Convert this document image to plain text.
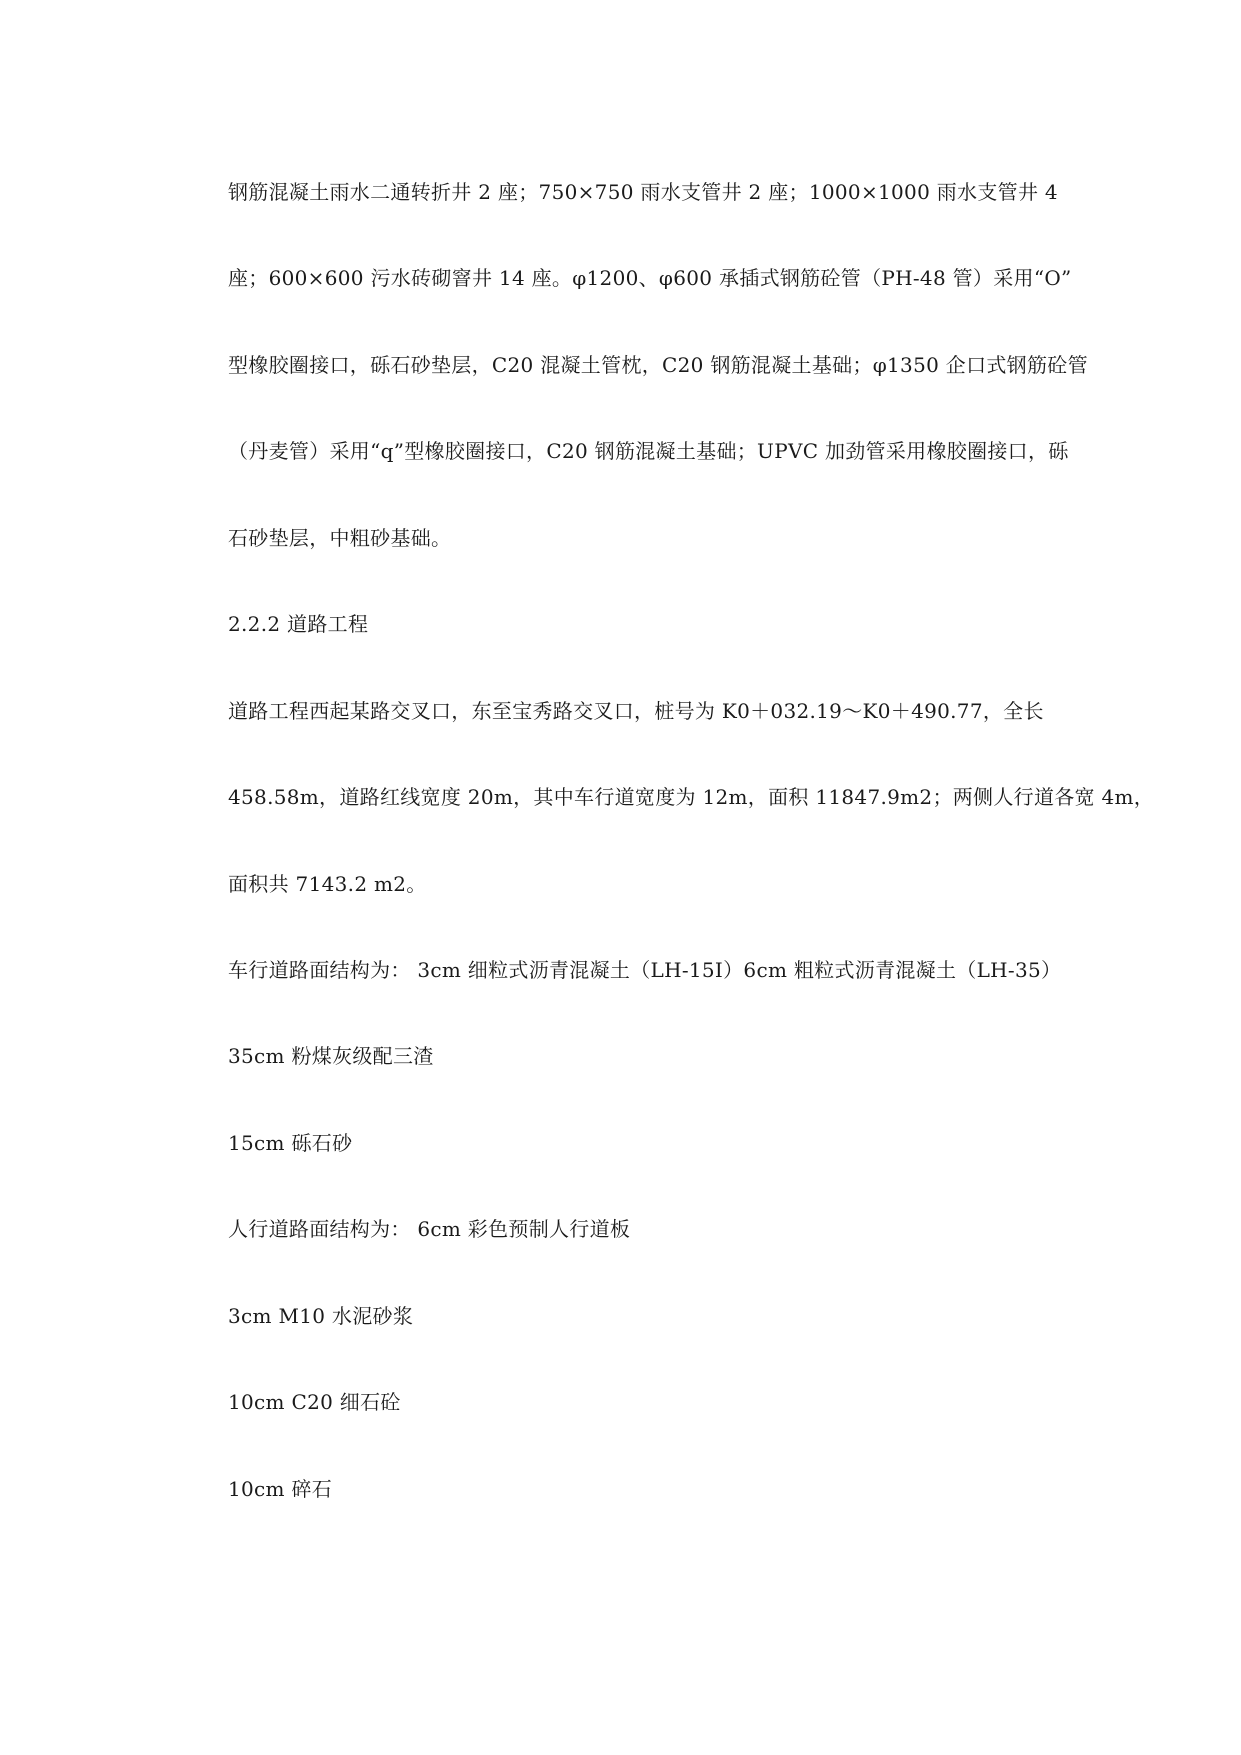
钢筋混凝土雨水二通转折井 2 座；750×750 雨水支管井 2 座；1000×1000 雨水支管井 4
座；600×600 污水砖砌窨井 14 座。φ1200、φ600 承插式钢筋砼管（PH-48 管）采用“O”
型橡胶圈接口，砾石砂垫层，C20 混凝土管枕，C20 钢筋混凝土基础；φ1350 企口式钢筋砼管
（丹麦管）采用“q”型橡胶圈接口，C20 钢筋混凝土基础；UPVC 加劲管采用橡胶圈接口，砾
石砂垫层，中粗砂基础。
2.2.2 道路工程
道路工程西起某路交叉口，东至宝秀路交叉口，桩号为 K0＋032.19～K0＋490.77，全长
458.58m，道路红线宽度 20m，其中车行道宽度为 12m，面积 11847.9m2；两侧人行道各宽 4m，
面积共 7143.2 m2。
车行道路面结构为： 3cm 细粒式沥青混凝土（LH-15I）6cm 粗粒式沥青混凝土（LH-35）
35cm 粉煤灰级配三渣
15cm 砾石砂
人行道路面结构为： 6cm 彩色预制人行道板
3cm M10 水泥砂浆
10cm C20 细石砼
10cm 碎石
